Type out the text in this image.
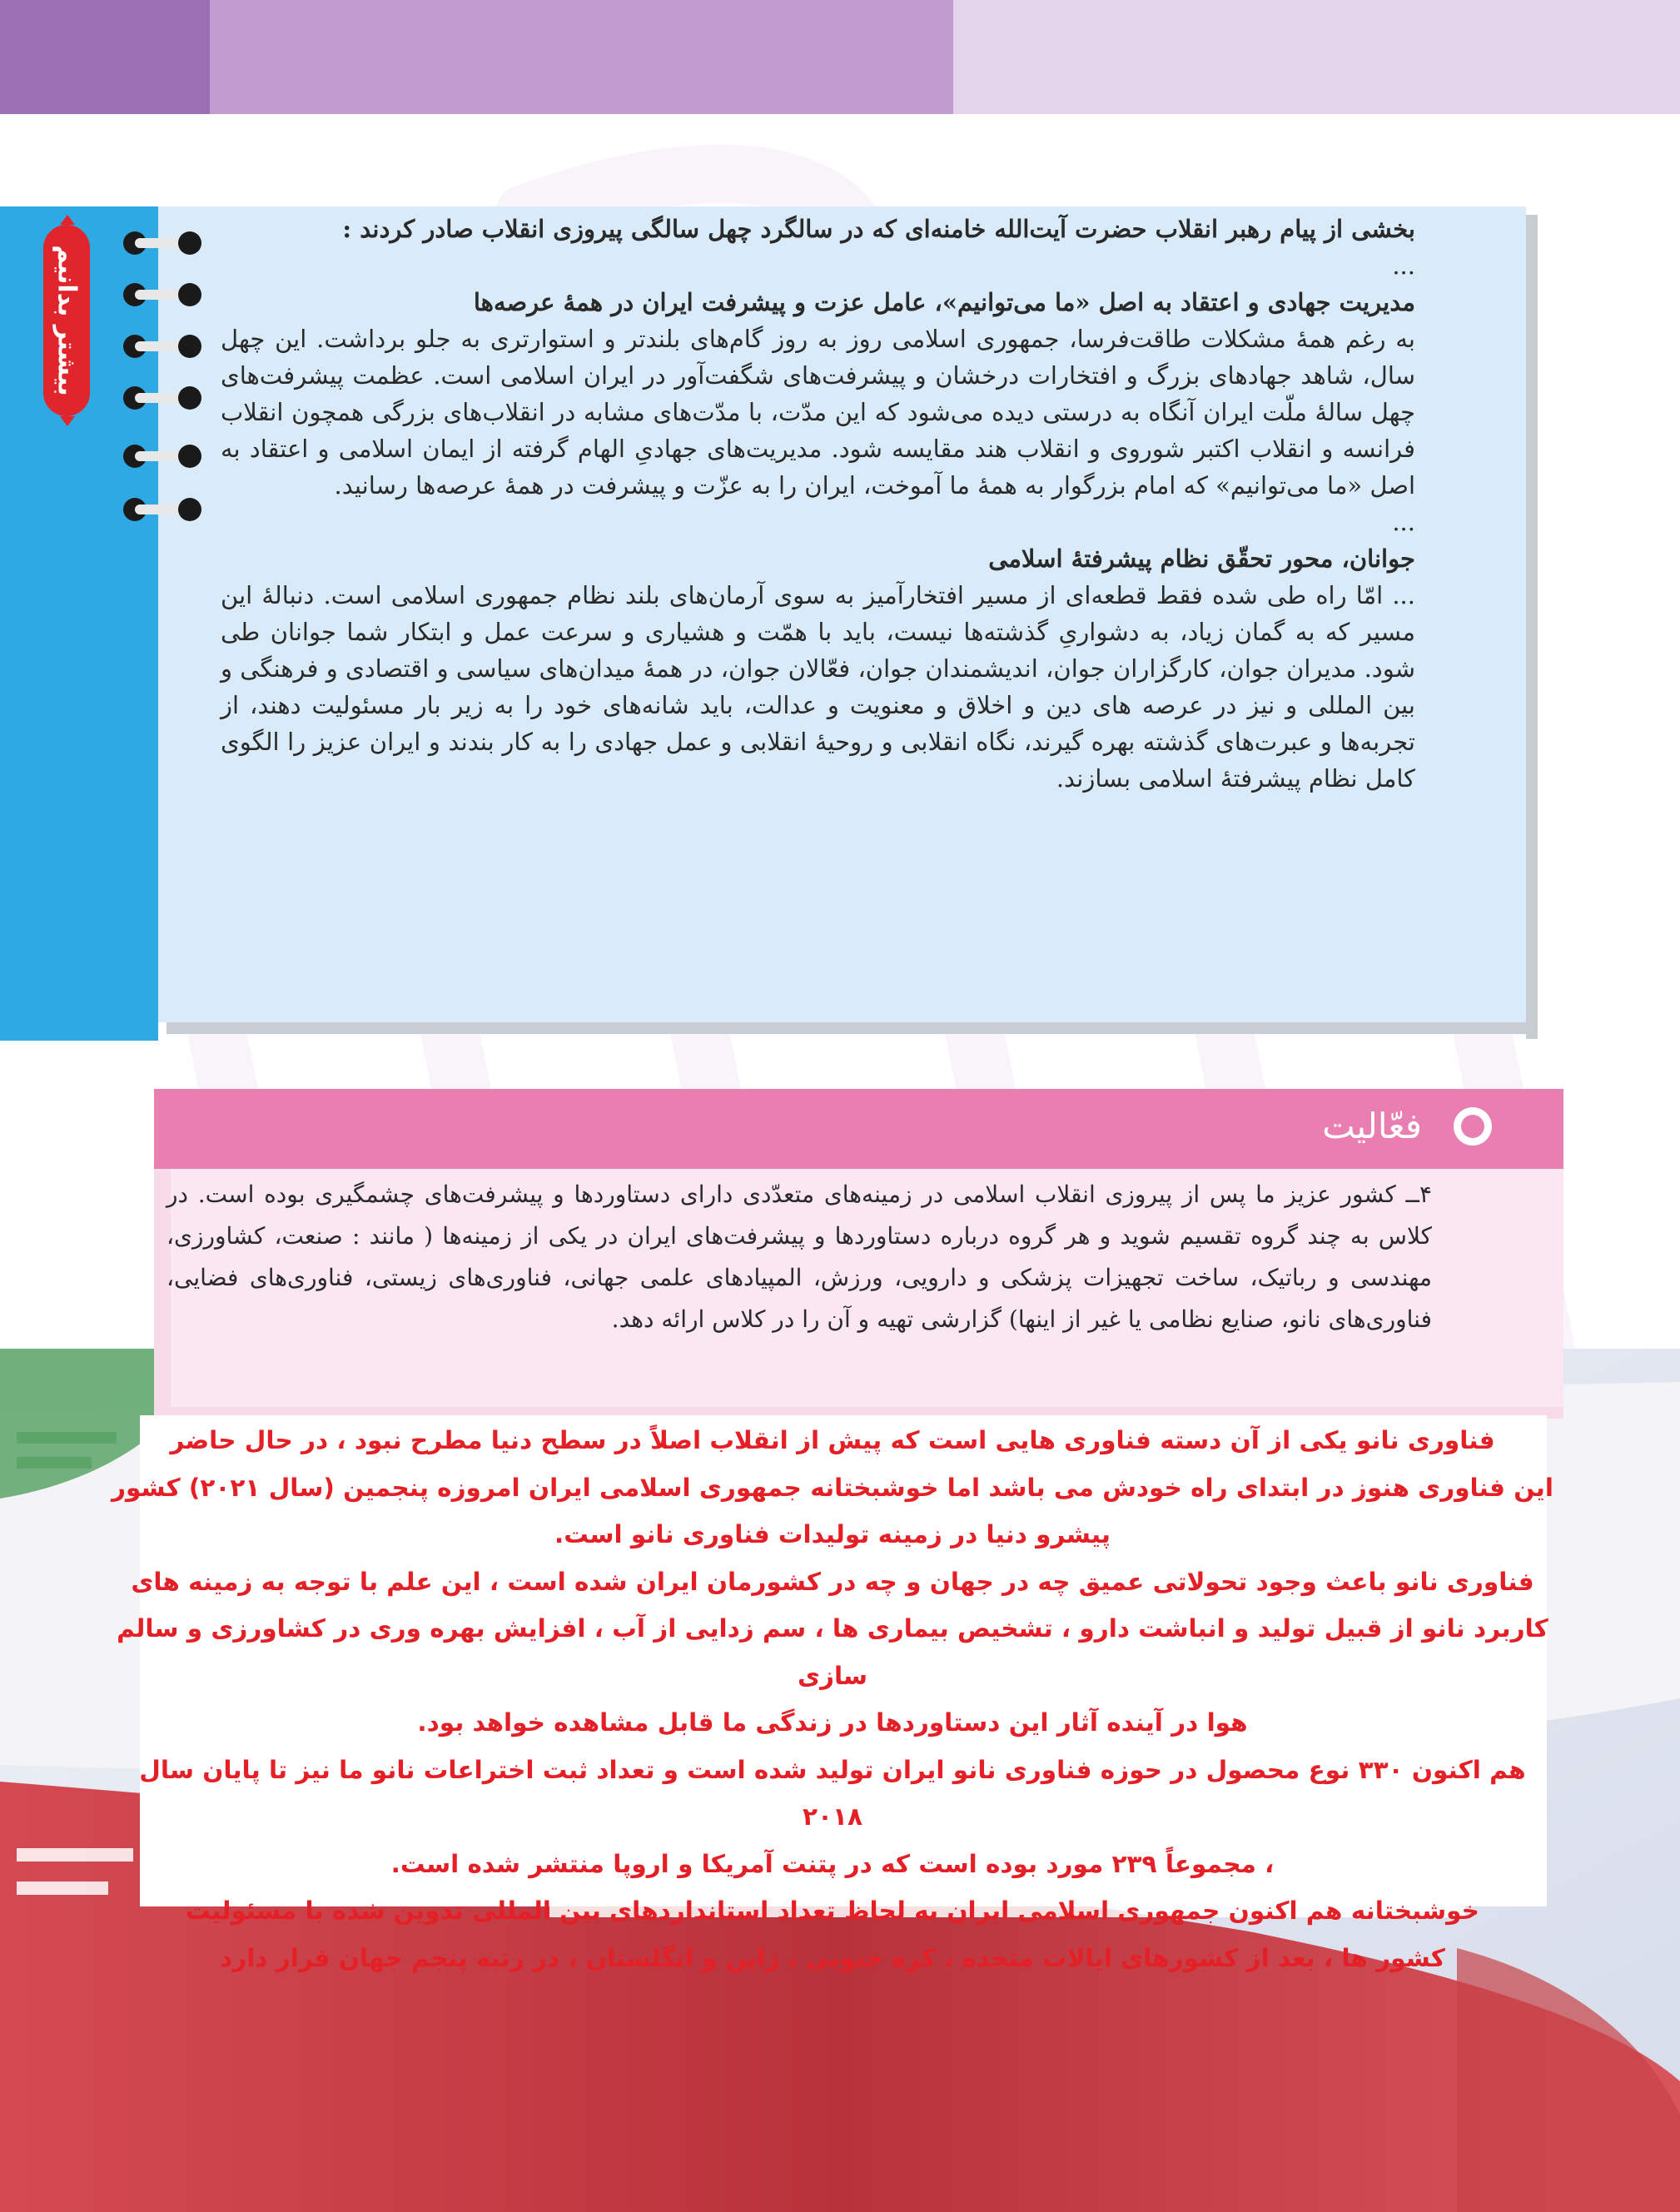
بیشتر بدانیم

بخشی از پیام رهبر انقلاب حضرت آیت‌الله خامنه‌ای که در سالگرد چهل سالگی پیروزی انقلاب صادر کردند :

...

مدیریت جهادی و اعتقاد به اصل «ما می‌توانیم»، عامل عزت و پیشرفت ایران در همهٔ عرصه‌ها

به رغم همهٔ مشکلات طاقت‌فرسا، جمهوری اسلامی روز به روز گام‌های بلندتر و استوارتری به جلو برداشت. این چهل سال، شاهد جهادهای بزرگ و افتخارات درخشان و پیشرفت‌های شگفت‌آور در ایران اسلامی است. عظمت پیشرفت‌های چهل سالهٔ ملّت ایران آنگاه به درستی دیده می‌شود که این مدّت، با مدّت‌های مشابه در انقلاب‌های بزرگی همچون انقلاب فرانسه و انقلاب اکتبر شوروی و انقلاب هند مقایسه شود. مدیریت‌های جهادیِ الهام گرفته از ایمان اسلامی و اعتقاد به اصل «ما می‌توانیم» که امام بزرگوار به همهٔ ما آموخت، ایران را به عزّت و پیشرفت در همهٔ عرصه‌ها رسانید.

...

جوانان، محور تحقّق نظام پیشرفتهٔ اسلامی

... امّا راه طی شده فقط قطعه‌ای از مسیر افتخارآمیز به سوی آرمان‌های بلند نظام جمهوری اسلامی است. دنبالهٔ این مسیر که به گمان زیاد، به دشواریِ گذشته‌ها نیست، باید با همّت و هشیاری و سرعت عمل و ابتکار شما جوانان طی شود. مدیران جوان، کارگزاران جوان، اندیشمندان جوان، فعّالان جوان، در همهٔ میدان‌های سیاسی و اقتصادی و فرهنگی و بین المللی و نیز در عرصه های دین و اخلاق و معنویت و عدالت، باید شانه‌های خود را به زیر بار مسئولیت دهند، از تجربه‌ها و عبرت‌های گذشته بهره گیرند، نگاه انقلابی و روحیهٔ انقلابی و عمل جهادی را به کار بندند و ایران عزیز را الگوی کامل نظام پیشرفتهٔ اسلامی بسازند.

فعّالیت
۴ــ کشور عزیز ما پس از پیروزی انقلاب اسلامی در زمینه‌های متعدّدی دارای دستاوردها و پیشرفت‌های چشمگیری بوده است. در کلاس به چند گروه تقسیم شوید و هر گروه درباره دستاوردها و پیشرفت‌های ایران در یکی از زمینه‌ها ( مانند : صنعت، کشاورزی، مهندسی و رباتیک، ساخت تجهیزات پزشکی و دارویی، ورزش، المپیادهای علمی جهانی، فناوری‌های زیستی، فناوری‌های فضایی، فناوری‌های نانو، صنایع نظامی یا غیر از اینها) گزارشی تهیه و آن را در کلاس ارائه دهد.

فناوری نانو یکی از آن دسته فناوری هایی است که پیش از انقلاب اصلاً در سطح دنیا مطرح نبود ، در حال حاضر

این فناوری هنوز در ابتدای راه خودش می باشد اما خوشبختانه جمهوری اسلامی ایران امروزه پنجمین (سال ۲۰۲۱) کشور

پیشرو دنیا در زمینه تولیدات فناوری نانو است.

فناوری نانو باعث وجود تحولاتی عمیق چه در جهان و چه در کشورمان ایران شده است ، این علم با توجه به زمینه های

کاربرد نانو از قبیل تولید و انباشت دارو ، تشخیص بیماری ها ، سم زدایی از آب ، افزایش بهره وری در کشاورزی و سالم سازی

هوا در آینده آثار این دستاوردها در زندگی ما قابل مشاهده خواهد بود.

هم اکنون ۳۳۰ نوع محصول در حوزه فناوری نانو ایران تولید شده است و تعداد ثبت اختراعات نانو ما نیز تا پایان سال ۲۰۱۸

، مجموعاً ۲۳۹ مورد بوده است که در پتنت آمریکا و اروپا منتشر شده است.

خوشبختانه هم اکنون جمهوری اسلامی ایران به لحاظ تعداد استانداردهای بین المللی تدوین شده با مسئولیت

کشور ها ، بعد از کشورهای ایالات متحده ، کره جنوبی ، ژاپن و انگلستان ، در رتبه پنجم جهان قرار دارد
